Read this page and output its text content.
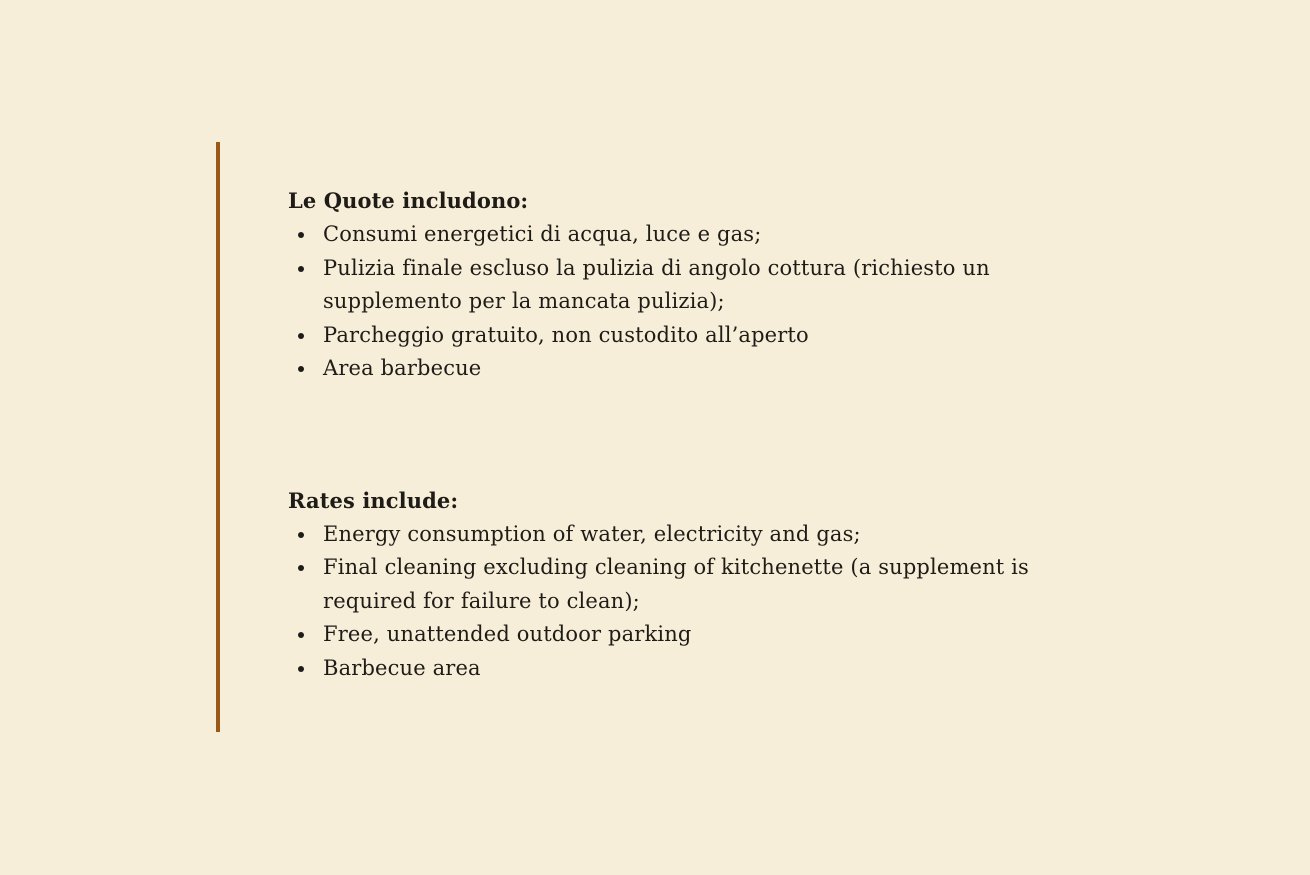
Le Quote includono:

Consumi energetici di acqua, luce e gas;
Pulizia finale escluso la pulizia di angolo cottura (richiesto un supplemento per la mancata pulizia);
Parcheggio gratuito, non custodito all’aperto
Area barbecue

Rates include:

Energy consumption of water, electricity and gas;
Final cleaning excluding cleaning of kitchenette (a supplement is required for failure to clean);
Free, unattended outdoor parking
Barbecue area
